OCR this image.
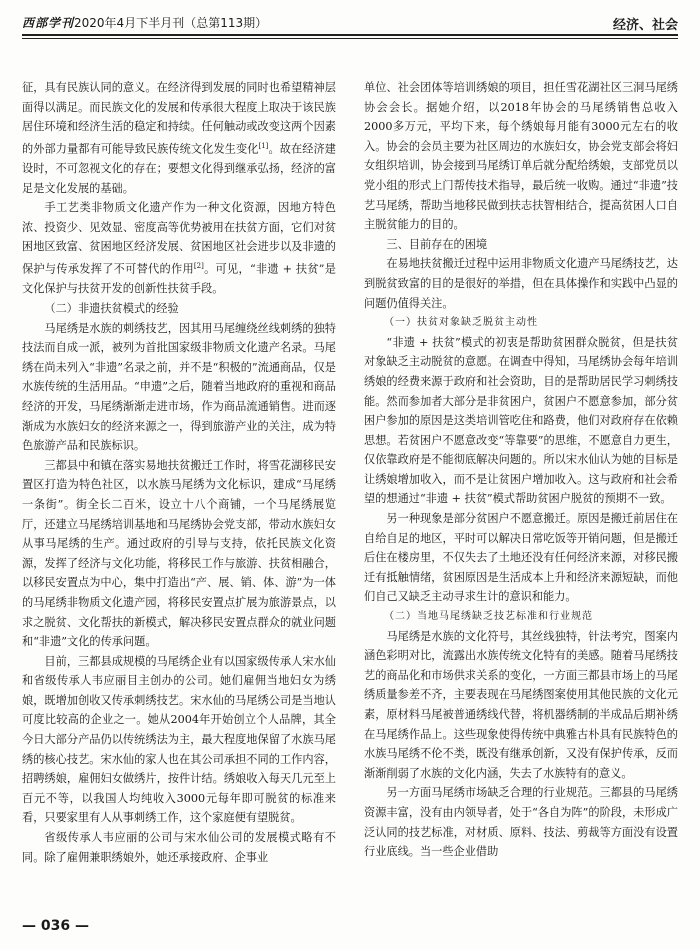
西部学刊2020年4月下半月刊（总第113期）	经济、社会

征，具有民族认同的意义。在经济得到发展的同时也希望精神层面得以满足。而民族文化的发展和传承很大程度上取决于该民族居住环境和经济生活的稳定和持续。任何触动或改变这两个因素的外部力量都有可能导致民族传统文化发生变化[1]。故在经济建设时，不可忽视文化的存在；要想文化得到继承弘扬，经济的富足是文化发展的基础。

手工艺类非物质文化遗产作为一种文化资源，因地方特色浓、投资少、见效显、密度高等优势被用在扶贫方面，它们对贫困地区致富、贫困地区经济发展、贫困地区社会进步以及非遗的保护与传承发挥了不可替代的作用[2]。可见，“非遗 + 扶贫”是文化保护与扶贫开发的创新性扶贫手段。

（二）非遗扶贫模式的经验

马尾绣是水族的刺绣技艺，因其用马尾缠绕丝线刺绣的独特技法而自成一派，被列为首批国家级非物质文化遗产名录。马尾绣在尚未列入“非遗”名录之前，并不是“积极的”流通商品，仅是水族传统的生活用品。“申遗”之后，随着当地政府的重视和商品经济的开发，马尾绣渐渐走进市场，作为商品流通销售。进而逐渐成为水族妇女的经济来源之一，得到旅游产业的关注，成为特色旅游产品和民族标识。

三都县中和镇在落实易地扶贫搬迁工作时，将雪花湖移民安置区打造为特色社区，以水族马尾绣为文化标识，建成“马尾绣一条街”。街全长二百米，设立十八个商铺，一个马尾绣展览厅，还建立马尾绣培训基地和马尾绣协会党支部，带动水族妇女从事马尾绣的生产。通过政府的引导与支持，依托民族文化资源，发挥了经济与文化功能，将移民工作与旅游、扶贫相融合，以移民安置点为中心，集中打造出“产、展、销、体、游”为一体的马尾绣非物质文化遗产园，将移民安置点扩展为旅游景点，以求之脱贫、文化帮扶的新模式，解决移民安置点群众的就业问题和“非遗”文化的传承问题。

目前，三都县成规模的马尾绣企业有以国家级传承人宋水仙和省级传承人韦应丽目主创办的公司。她们雇佣当地妇女为绣娘，既增加创收又传承刺绣技艺。宋水仙的马尾绣公司是当地认可度比较高的企业之一。她从2004年开始创立个人品牌，其全今日大部分产品仍以传统绣法为主，最大程度地保留了水族马尾绣的核心技艺。宋水仙的家人也在其公司承担不同的工作内容，招聘绣娘，雇佣妇女做绣片，按件计结。绣娘收入每天几元至上百元不等，以我国人均纯收入3000元每年即可脱贫的标准来看，只要家里有人从事刺绣工作，这个家庭便有望脱贫。

省级传承人韦应丽的公司与宋水仙公司的发展模式略有不同。除了雇佣兼职绣娘外，她还承接政府、企事业

单位、社会团体等培训绣娘的项目，担任雪花湖社区三洞马尾绣协会会长。据她介绍，以2018年协会的马尾绣销售总收入2000多万元，平均下来，每个绣娘每月能有3000元左右的收入。协会的会员主要为社区周边的水族妇女，协会党支部会将妇女组织培训，协会接到马尾绣订单后就分配给绣娘，支部党员以党小组的形式上门帮传技术指导，最后统一收购。通过“非遗”技艺马尾绣，帮助当地移民做到扶志扶智相结合，提高贫困人口自主脱贫能力的目的。

三、目前存在的困境

在易地扶贫搬迁过程中运用非物质文化遗产马尾绣技艺，达到脱贫致富的目的是很好的举措，但在具体操作和实践中凸显的问题仍值得关注。

（一）扶贫对象缺乏脱贫主动性

“非遗 + 扶贫”模式的初衷是帮助贫困群众脱贫，但是扶贫对象缺乏主动脱贫的意愿。在调查中得知，马尾绣协会每年培训绣娘的经费来源于政府和社会资助，目的是帮助居民学习刺绣技能。然而参加者大部分是非贫困户，贫困户不愿意参加，部分贫困户参加的原因是这类培训管吃住和路费，他们对政府存在依赖思想。若贫困户不愿意改变“等靠要”的思维，不愿意自力更生，仅依靠政府是不能彻底解决问题的。所以宋水仙认为她的目标是让绣娘增加收入，而不是让贫困户增加收入。这与政府和社会希望的想通过“非遗 + 扶贫”模式帮助贫困户脱贫的预期不一致。

另一种现象是部分贫困户不愿意搬迁。原因是搬迁前居住在自给自足的地区，平时可以解决日常吃饭等开销问题，但是搬迁后住在楼房里，不仅失去了土地还没有任何经济来源，对移民搬迁有抵触情绪，贫困原因是生活成本上升和经济来源短缺，而他们自己又缺乏主动寻求生计的意识和能力。

（二）当地马尾绣缺乏技艺标准和行业规范

马尾绣是水族的文化符号，其丝线独特，针法考究，图案内涵色彩明对比，流露出水族传统文化特有的美感。随着马尾绣技艺的商品化和市场供求关系的变化，一方面三都县市场上的马尾绣质量参差不齐，主要表现在马尾绣图案使用其他民族的文化元素，原材料马尾被普通绣线代替，将机器绣制的半成品后期补绣在马尾绣作品上。这些现象使得传统中典雅古朴具有民族特色的水族马尾绣不伦不类，既没有继承创新，又没有保护传承，反而渐渐削弱了水族的文化内涵，失去了水族特有的意义。

另一方面马尾绣市场缺乏合理的行业规范。三都县的马尾绣资源丰富，没有由内领导者，处于“各自为阵”的阶段，未形成广泛认同的技艺标准，对材质、原料、技法、剪裁等方面没有设置行业底线。当一些企业借助

— 036 —
